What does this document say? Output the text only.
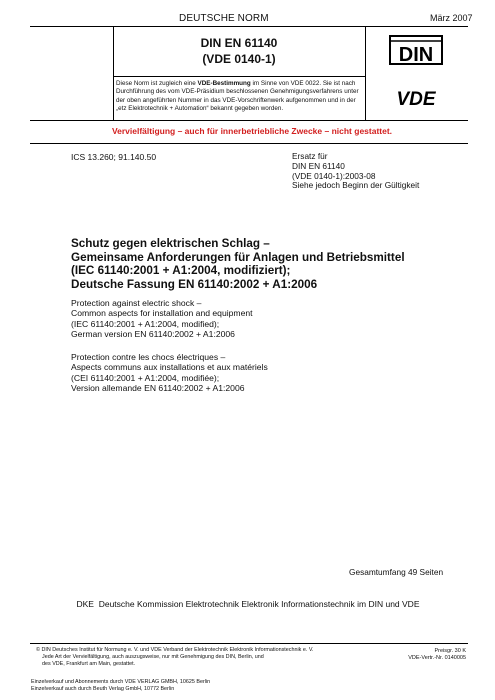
DEUTSCHE NORM	März 2007
DIN EN 61140
(VDE 0140-1)	DIN
VDE
Diese Norm ist zugleich eine VDE-Bestimmung im Sinne von VDE 0022. Sie ist nach Durchführung des vom VDE-Präsidium beschlossenen Genehmigungsverfahrens unter der oben angeführten Nummer in das VDE-Vorschriftenwerk aufgenommen und in der „etz Elektrotechnik + Automation“ bekannt gegeben worden.
Vervielfältigung – auch für innerbetriebliche Zwecke – nicht gestattet.
ICS 13.260; 91.140.50	Ersatz für
DIN EN 61140
(VDE 0140-1):2003-08
Siehe jedoch Beginn der Gültigkeit
Schutz gegen elektrischen Schlag –
Gemeinsame Anforderungen für Anlagen und Betriebsmittel
(IEC 61140:2001 + A1:2004, modifiziert);
Deutsche Fassung EN 61140:2002 + A1:2006
Protection against electric shock –
Common aspects for installation and equipment
(IEC 61140:2001 + A1:2004, modified);
German version EN 61140:2002 + A1:2006
Protection contre les chocs électriques –
Aspects communs aux installations et aux matériels
(CEI 61140:2001 + A1:2004, modifiée);
Version allemande EN 61140:2002 + A1:2006
Gesamtumfang 49 Seiten
DKE Deutsche Kommission Elektrotechnik Elektronik Informationstechnik im DIN und VDE
© DIN Deutsches Institut für Normung e. V. und VDE Verband der Elektrotechnik Elektronik Informationstechnik e. V.
Jede Art der Vervielfältigung, auch auszugsweise, nur mit Genehmigung des DIN, Berlin, und
des VDE, Frankfurt am Main, gestattet.
Preisgr. 30 K
VDE-Vertr.-Nr. 0140005
Einzelverkauf und Abonnements durch VDE VERLAG GMBH, 10625 Berlin
Einzelverkauf auch durch Beuth Verlag GmbH, 10772 Berlin
